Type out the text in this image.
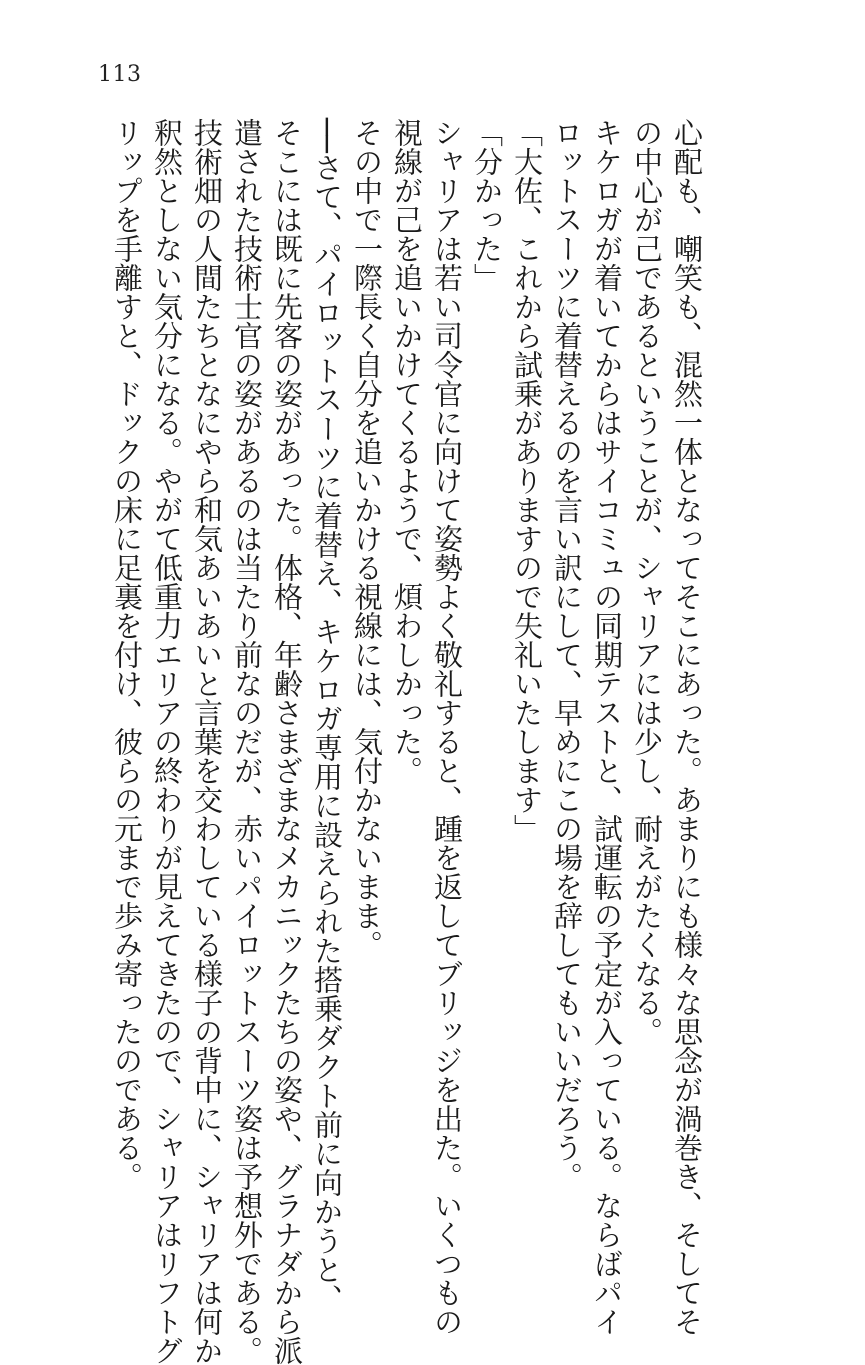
113
心配も、嘲笑も、混然一体となってそこにあった。あまりにも様々な思念が渦巻き、そしてそ
の中心が己であるということが、シャリアには少し、耐えがたくなる。
キケロガが着いてからはサイコミュの同期テストと、試運転の予定が入っている。ならばパイ
ロットスーツに着替えるのを言い訳にして、早めにこの場を辞してもいいだろう。
「大佐、これから試乗がありますので失礼いたします」
「分かった」
シャリアは若い司令官に向けて姿勢よく敬礼すると、踵を返してブリッジを出た。いくつもの
視線が己を追いかけてくるようで、煩わしかった。
その中で一際長く自分を追いかける視線には、気付かないまま。
──さて、パイロットスーツに着替え、キケロガ専用に設えられた搭乗ダクト前に向かうと、
そこには既に先客の姿があった。体格、年齢さまざまなメカニックたちの姿や、グラナダから派
遣された技術士官の姿があるのは当たり前なのだが、赤いパイロットスーツ姿は予想外である。
技術畑の人間たちとなにやら和気あいあいと言葉を交わしている様子の背中に、シャリアは何か
釈然としない気分になる。やがて低重力エリアの終わりが見えてきたので、シャリアはリフトグ
リップを手離すと、ドックの床に足裏を付け、彼らの元まで歩み寄ったのである。
